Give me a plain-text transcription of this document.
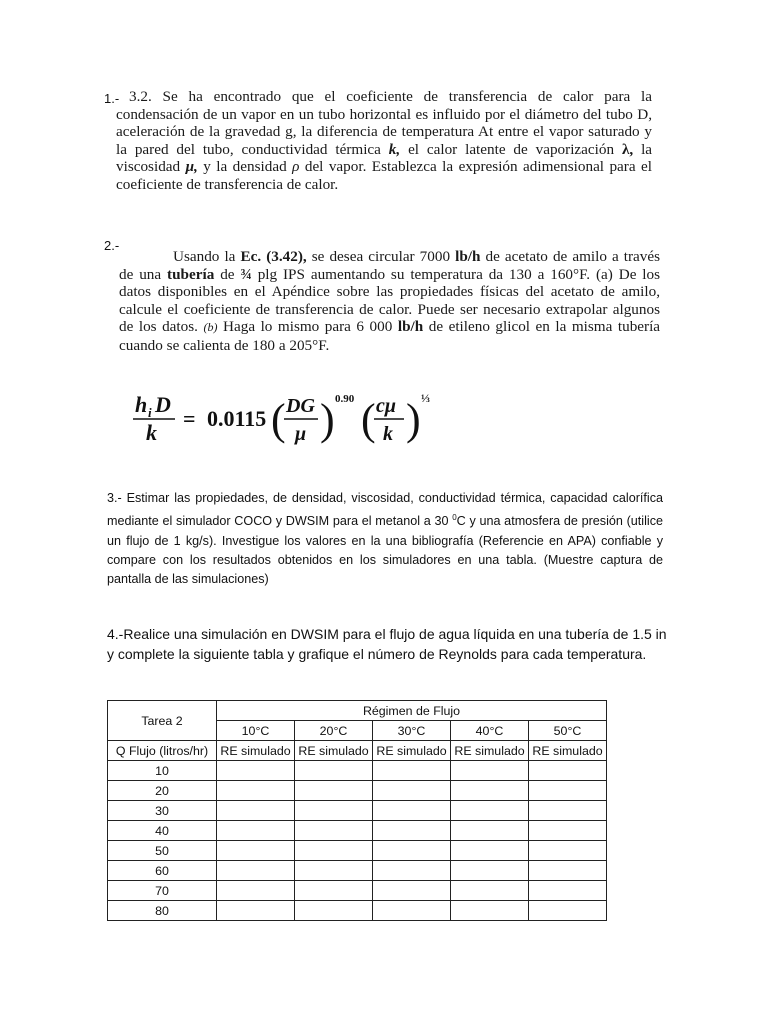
1.- 3.2. Se ha encontrado que el coeficiente de transferencia de calor para la condensación de un vapor en un tubo horizontal es influido por el diámetro del tubo D, aceleración de la gravedad g, la diferencia de temperatura At entre el vapor saturado y la pared del tubo, conductividad térmica k, el calor latente de vaporización λ, la viscosidad μ, y la densidad ρ del vapor. Establezca la expresión adimensional para el coeficiente de transferencia de calor.
2.-
Usando la Ec. (3.42), se desea circular 7000 lb/h de acetato de amilo a través de una tubería de ¾ plg IPS aumentando su temperatura da 130 a 160°F. (a) De los datos disponibles en el Apéndice sobre las propiedades físicas del acetato de amilo, calcule el coeficiente de transferencia de calor. Puede ser necesario extrapolar algunos de los datos. (b) Haga lo mismo para 6 000 lb/h de etileno glicol en la misma tubería cuando se calienta de 180 a 205°F.
h i D
k
= 0.0115 ( DG
μ ) 0.90 ( cμ
k ) ⅓
3.- Estimar las propiedades, de densidad, viscosidad, conductividad térmica, capacidad calorífica mediante el simulador COCO y DWSIM para el metanol a 30 $^0$C y una atmosfera de presión (utilice un flujo de 1 kg/s). Investigue los valores en la una bibliografía (Referencie en APA) confiable y compare con los resultados obtenidos en los simuladores en una tabla. (Muestre captura de pantalla de las simulaciones)
4.-Realice una simulación en DWSIM para el flujo de agua líquida en una tubería de 1.5 in y complete la siguiente tabla y grafique el número de Reynolds para cada temperatura.
Tarea 2	Régimen de Flujo				
	10°C	20°C	30°C	40°C	50°C
Q Flujo (litros/hr)	RE simulado	RE simulado	RE simulado	RE simulado	RE simulado
10					
20					
30					
40					
50					
60					
70					
80					
